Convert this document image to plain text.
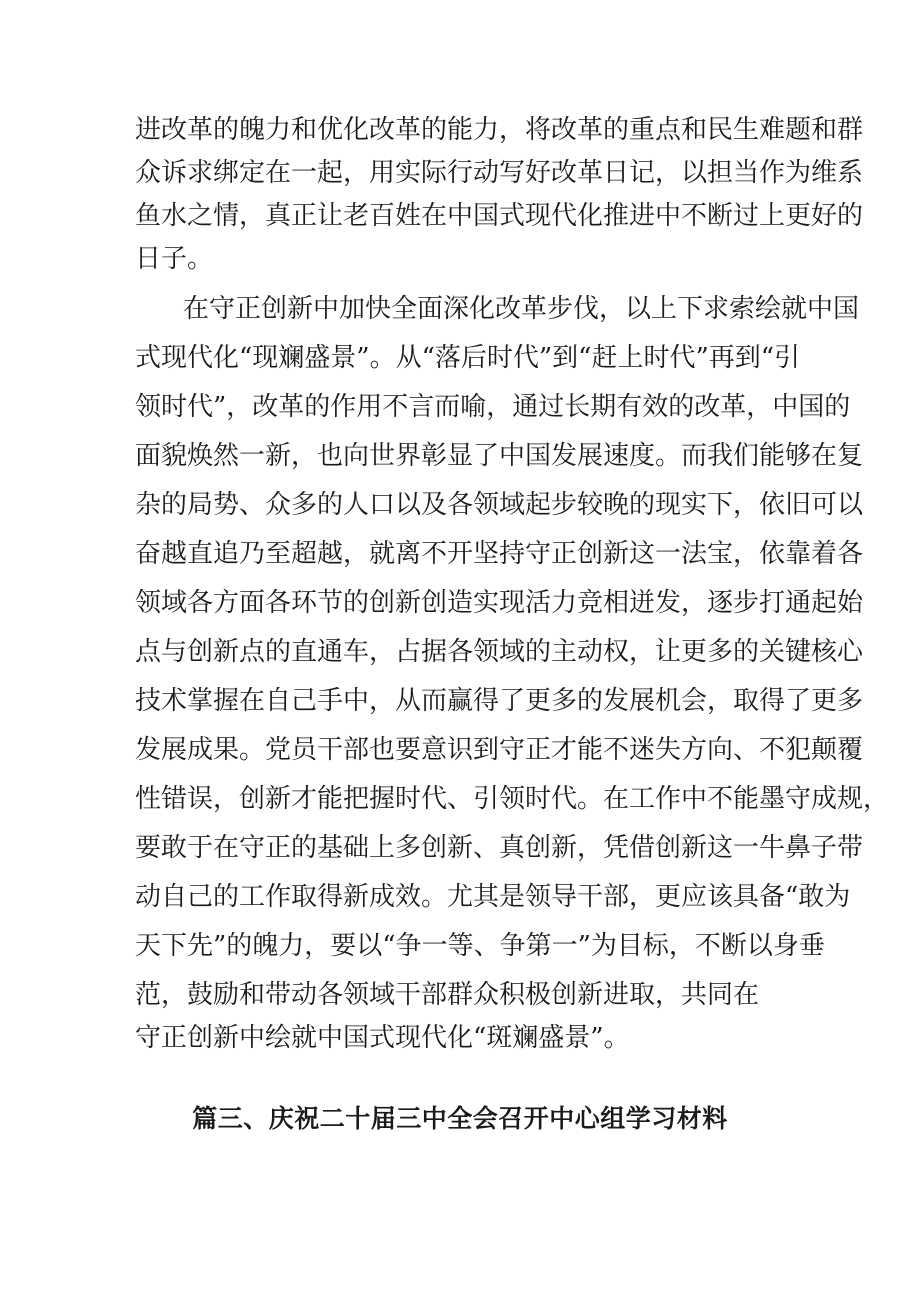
进改革的魄力和优化改革的能力，将改革的重点和民生难题和群
众诉求绑定在一起，用实际行动写好改革日记，以担当作为维系
鱼水之情，真正让老百姓在中国式现代化推进中不断过上更好的
日子。
在守正创新中加快全面深化改革步伐，以上下求索绘就中国
式现代化“现斓盛景”。从“落后时代”到“赶上时代”再到“引
领时代”，改革的作用不言而喻，通过长期有效的改革，中国的
面貌焕然一新，也向世界彰显了中国发展速度。而我们能够在复
杂的局势、众多的人口以及各领域起步较晚的现实下，依旧可以
奋越直追乃至超越，就离不开坚持守正创新这一法宝，依靠着各
领域各方面各环节的创新创造实现活力竞相迸发，逐步打通起始
点与创新点的直通车，占据各领域的主动权，让更多的关键核心
技术掌握在自己手中，从而赢得了更多的发展机会，取得了更多
发展成果。党员干部也要意识到守正才能不迷失方向、不犯颠覆
性错误，创新才能把握时代、引领时代。在工作中不能墨守成规，
要敢于在守正的基础上多创新、真创新，凭借创新这一牛鼻子带
动自己的工作取得新成效。尤其是领导干部，更应该具备“敢为
天下先”的魄力，要以“争一等、争第一”为目标，不断以身垂
范，鼓励和带动各领域干部群众积极创新进取，共同在
守正创新中绘就中国式现代化“斑斓盛景”。
篇三、庆祝二十届三中全会召开中心组学习材料
